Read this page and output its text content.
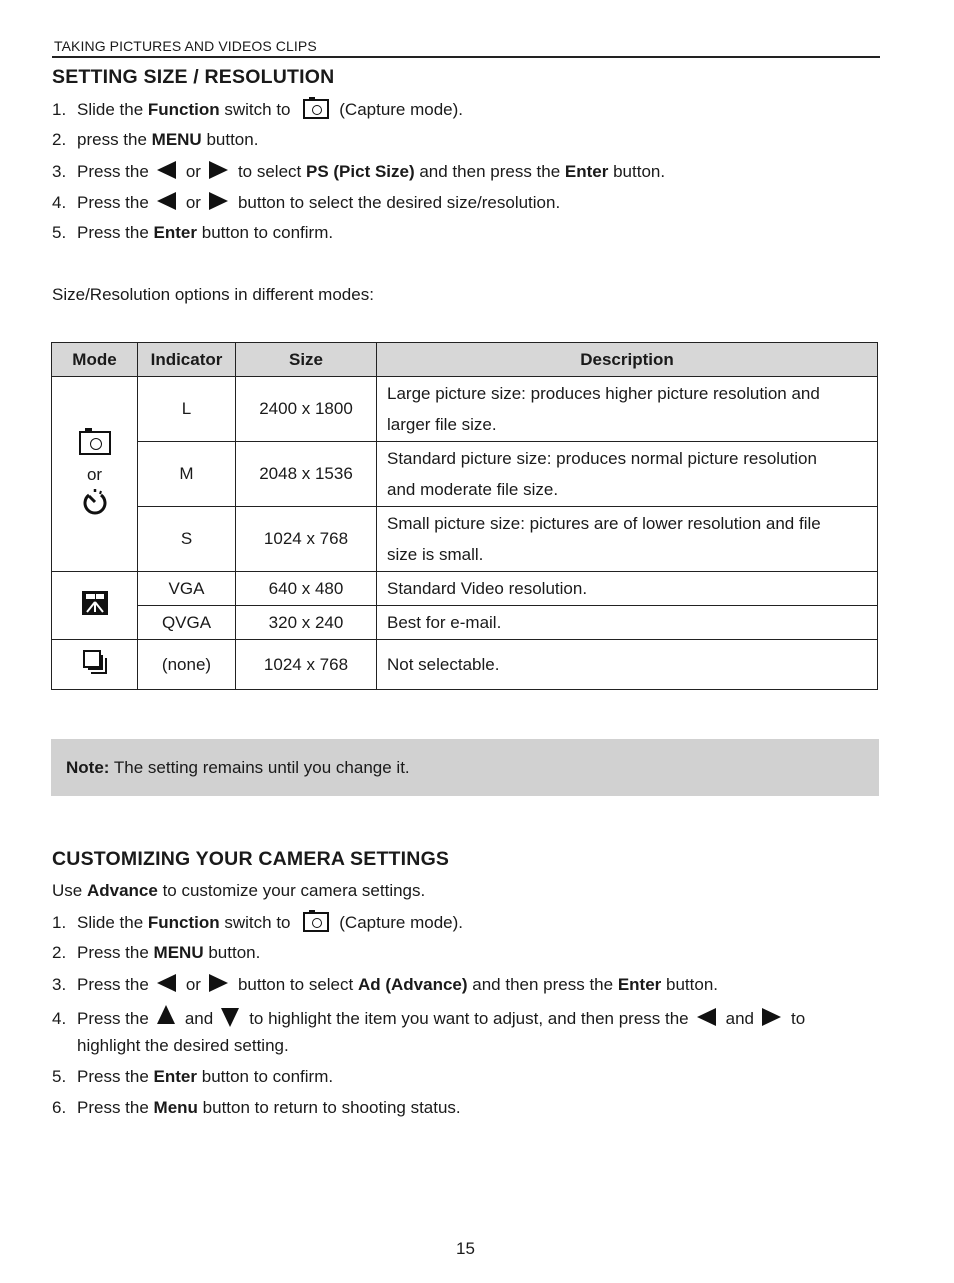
TAKING PICTURES AND VIDEOS CLIPS
SETTING SIZE / RESOLUTION
1. Slide the Function switch to	(Capture mode).
2. press the MENU button.
3. Press the or to select PS (Pict Size) and then press the Enter button.
4. Press the or button to select the desired size/resolution.
5. Press the Enter button to confirm.
Size/Resolution options in different modes:
Mode	Indicator	Size	Description

or	L	2400 x 1800	Large picture size: produces higher picture resolution and
larger file size.
	M	2048 x 1536	Standard picture size: produces normal picture resolution
and moderate file size.
	S	1024 x 768	Small picture size: pictures are of lower resolution and file
size is small.
	VGA	640 x 480	Standard Video resolution.
	QVGA	320 x 240	Best for e-mail.
	(none)	1024 x 768	Not selectable.
Note: The setting remains until you change it.
CUSTOMIZING YOUR CAMERA SETTINGS
Use Advance to customize your camera settings.
1. Slide the Function switch to	(Capture mode).
2. Press the MENU button.
3. Press the or button to select Ad (Advance) and then press the Enter button.
4. Press the and to highlight the item you want to adjust, and then press the and to
highlight the desired setting.
5. Press the Enter button to confirm.
6. Press the Menu button to return to shooting status.
15
